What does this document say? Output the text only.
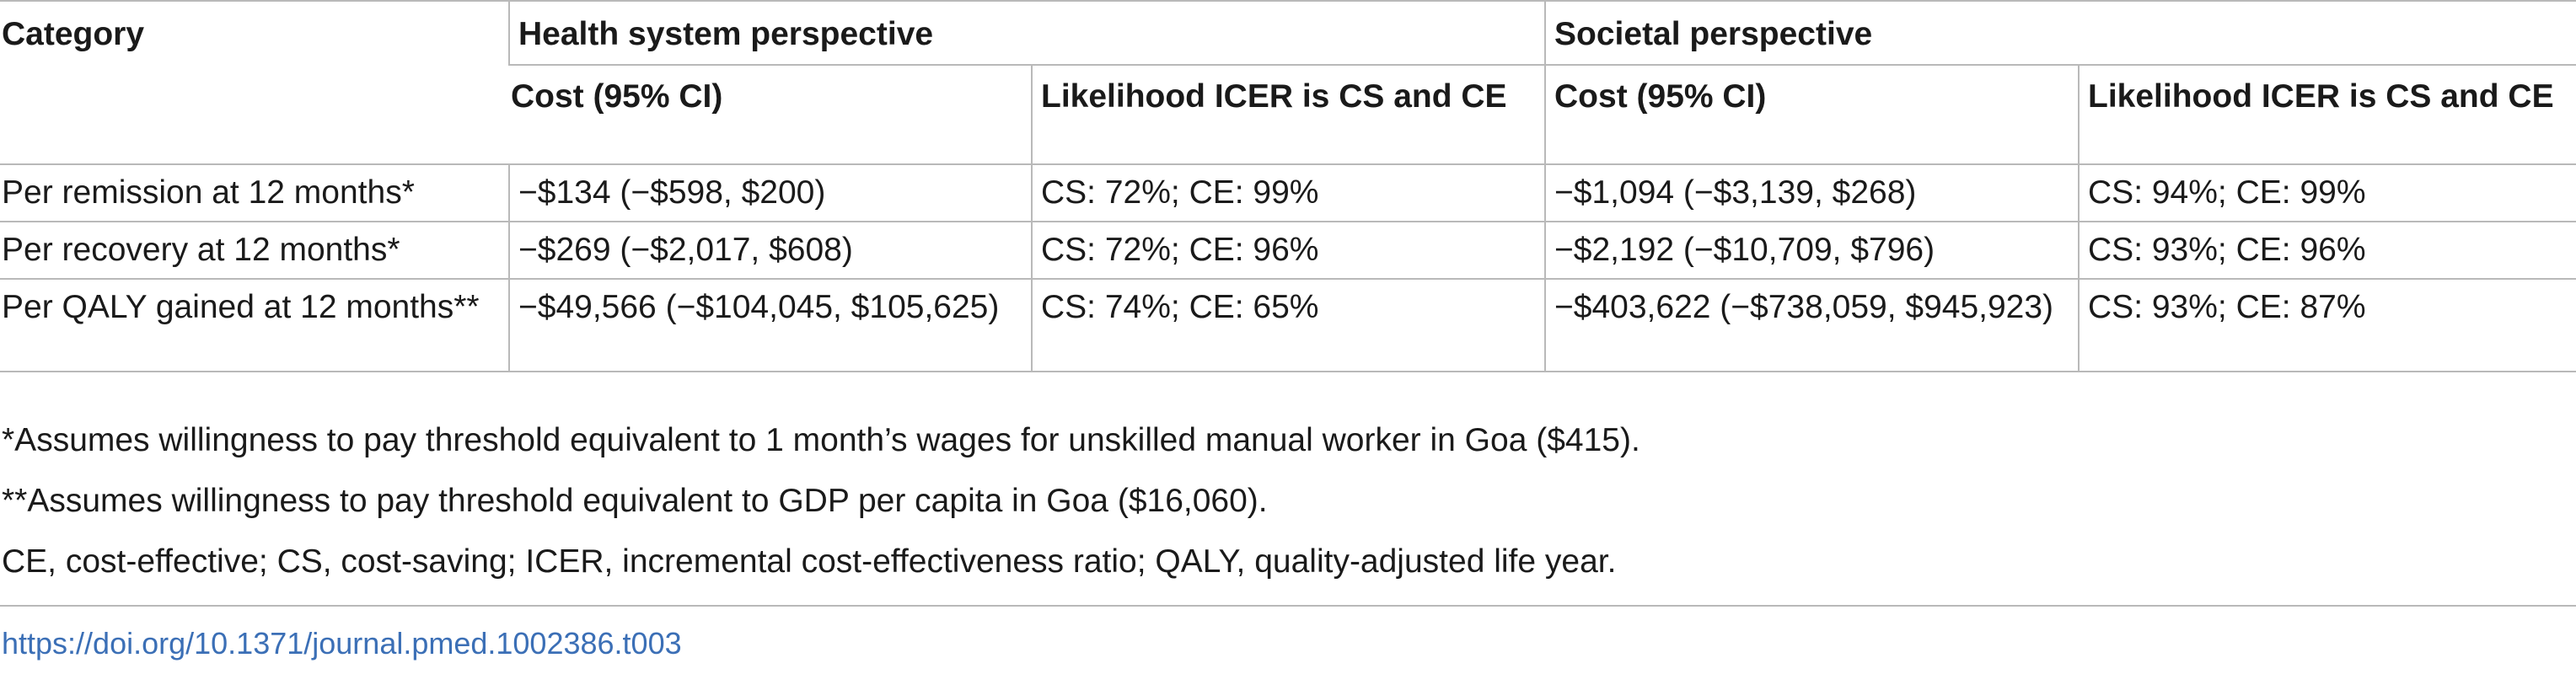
Category	Health system perspective		Societal perspective	
	Cost (95% CI)	Likelihood ICER is CS and CE	Cost (95% CI)	Likelihood ICER is CS and CE
Per remission at 12 months*	−$134 (−$598, $200)	CS: 72%; CE: 99%	−$1,094 (−$3,139, $268)	CS: 94%; CE: 99%
Per recovery at 12 months*	−$269 (−$2,017, $608)	CS: 72%; CE: 96%	−$2,192 (−$10,709, $796)	CS: 93%; CE: 96%
Per QALY gained at 12 months**	−$49,566 (−$104,045, $105,625)	CS: 74%; CE: 65%	−$403,622 (−$738,059, $945,923)	CS: 93%; CE: 87%

*Assumes willingness to pay threshold equivalent to 1 month’s wages for unskilled manual worker in Goa ($415).

**Assumes willingness to pay threshold equivalent to GDP per capita in Goa ($16,060).

CE, cost-effective; CS, cost-saving; ICER, incremental cost-effectiveness ratio; QALY, quality-adjusted life year.

https://doi.org/10.1371/journal.pmed.1002386.t003
